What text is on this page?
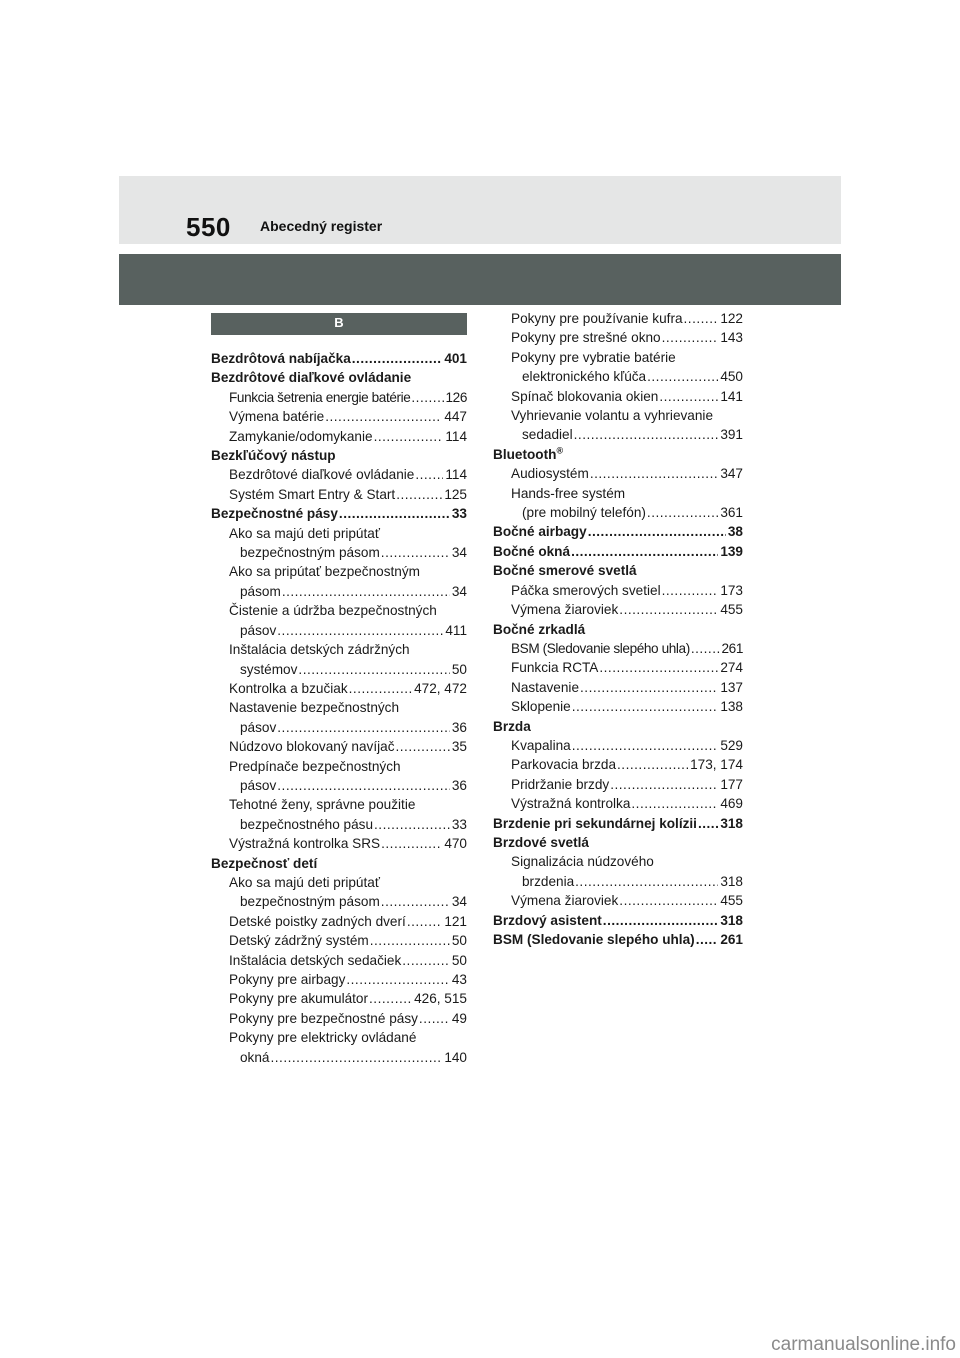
550 Abecedný register
B
Bezdrôtová nabíjačka .....	401
Bezdrôtové diaľkové ovládanie
Funkcia šetrenia energie batérie .....	126
Výmena batérie .....	447
Zamykanie/odomykanie .....	114
Bezkľúčový nástup
Bezdrôtové diaľkové ovládanie ..... 114
Systém Smart Entry & Start .....	125
Bezpečnostné pásy .....	33
Ako sa majú deti pripútať
bezpečnostným pásom .....	34
Ako sa pripútať bezpečnostným
pásom .....	34
Čistenie a údržba bezpečnostných
pásov .....	411
Inštalácia detských zádržných
systémov .....	50
Kontrolka a bzučiak .....	472, 472
Nastavenie bezpečnostných
pásov .....	36
Núdzovo blokovaný navíjač .....	35
Predpínače bezpečnostných
pásov .....	36
Tehotné ženy, správne použitie
bezpečnostného pásu .....	33
Výstražná kontrolka SRS .....	470
Bezpečnosť detí
Ako sa majú deti pripútať
bezpečnostným pásom .....	34
Detské poistky zadných dverí .....	121
Detský zádržný systém .....	50
Inštalácia detských sedačiek .....	50
Pokyny pre airbagy .....	43
Pokyny pre akumulátor .....	426, 515
Pokyny pre bezpečnostné pásy ..... 49
Pokyny pre elektricky ovládané
okná .....	140
Pokyny pre používanie kufra .....	122
Pokyny pre strešné okno .....	143
Pokyny pre vybratie batérie
elektronického kľúča .....	450
Spínač blokovania okien .....	141
Vyhrievanie volantu a vyhrievanie
sedadiel .....	391
Bluetooth®
Audiosystém .....	347
Hands-free systém
(pre mobilný telefón) .....	361
Bočné airbagy .....	38
Bočné okná .....	139
Bočné smerové svetlá
Páčka smerových svetiel .....	173
Výmena žiaroviek .....	455
Bočné zrkadlá
BSM (Sledovanie slepého uhla) ..... 261
Funkcia RCTA .....	274
Nastavenie .....	137
Sklopenie .....	138
Brzda
Kvapalina .....	529
Parkovacia brzda .....	173, 174
Pridržanie brzdy .....	177
Výstražná kontrolka .....	469
Brzdenie pri sekundárnej kolízii ..... 318
Brzdové svetlá
Signalizácia núdzového
brzdenia .....	318
Výmena žiaroviek .....	455
Brzdový asistent .....	318
BSM (Sledovanie slepého uhla) ..... 261
carmanualsonline.info
